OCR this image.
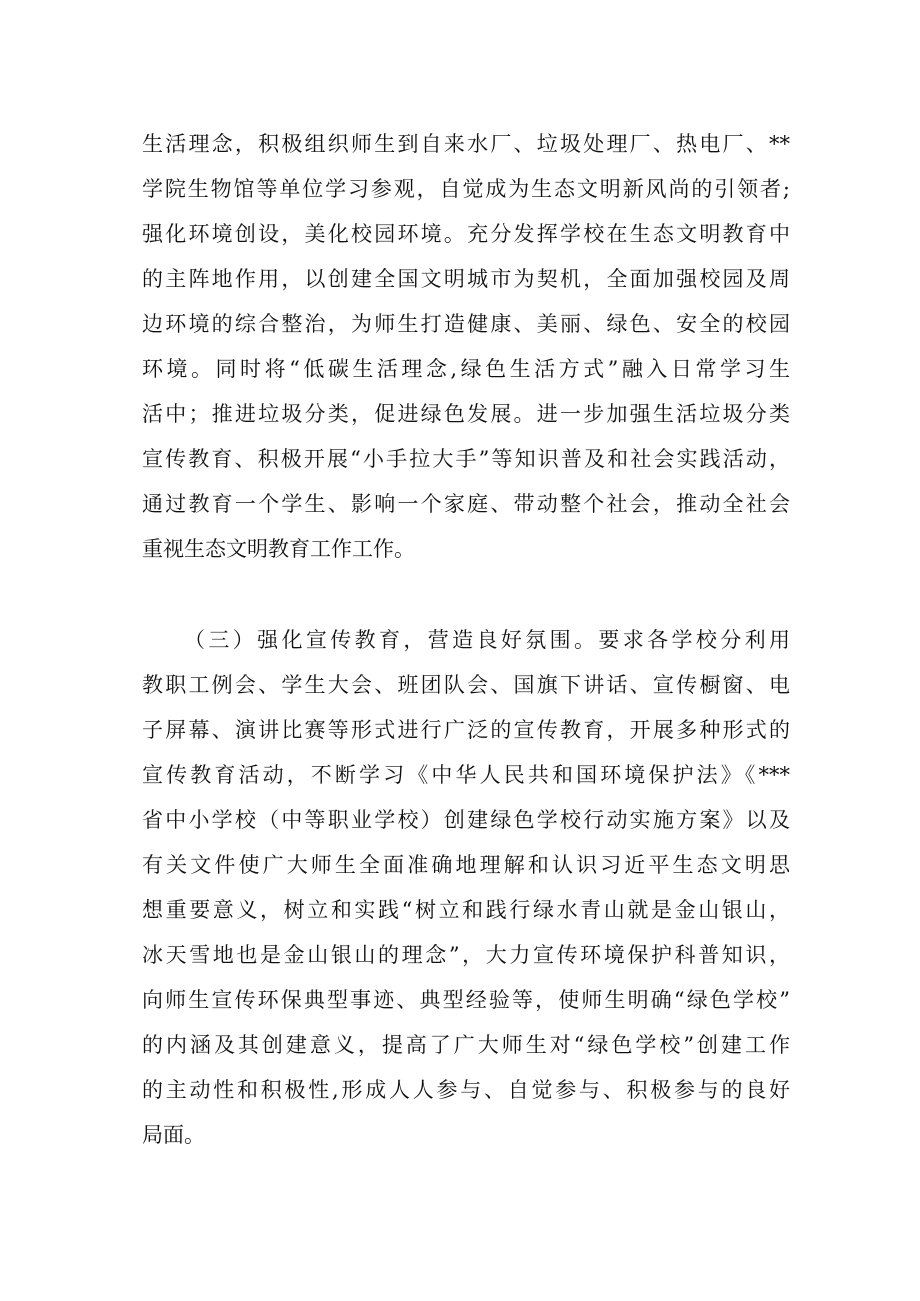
生活理念，积极组织师生到自来水厂、垃圾处理厂、热电厂、**
学院生物馆等单位学习参观，自觉成为生态文明新风尚的引领者;
强化环境创设，美化校园环境。充分发挥学校在生态文明教育中
的主阵地作用，以创建全国文明城市为契机，全面加强校园及周
边环境的综合整治，为师生打造健康、美丽、绿色、安全的校园
环境。同时将“低碳生活理念,绿色生活方式”融入日常学习生
活中；推进垃圾分类，促进绿色发展。进一步加强生活垃圾分类
宣传教育、积极开展“小手拉大手”等知识普及和社会实践活动，
通过教育一个学生、影响一个家庭、带动整个社会，推动全社会
重视生态文明教育工作工作。
（三）强化宣传教育，营造良好氛围。要求各学校分利用
教职工例会、学生大会、班团队会、国旗下讲话、宣传橱窗、电
子屏幕、演讲比赛等形式进行广泛的宣传教育，开展多种形式的
宣传教育活动，不断学习《中华人民共和国环境保护法》《***
省中小学校（中等职业学校）创建绿色学校行动实施方案》以及
有关文件使广大师生全面准确地理解和认识习近平生态文明思
想重要意义，树立和实践“树立和践行绿水青山就是金山银山，
冰天雪地也是金山银山的理念”，大力宣传环境保护科普知识，
向师生宣传环保典型事迹、典型经验等，使师生明确“绿色学校”
的内涵及其创建意义，提高了广大师生对“绿色学校”创建工作
的主动性和积极性,形成人人参与、自觉参与、积极参与的良好
局面。
